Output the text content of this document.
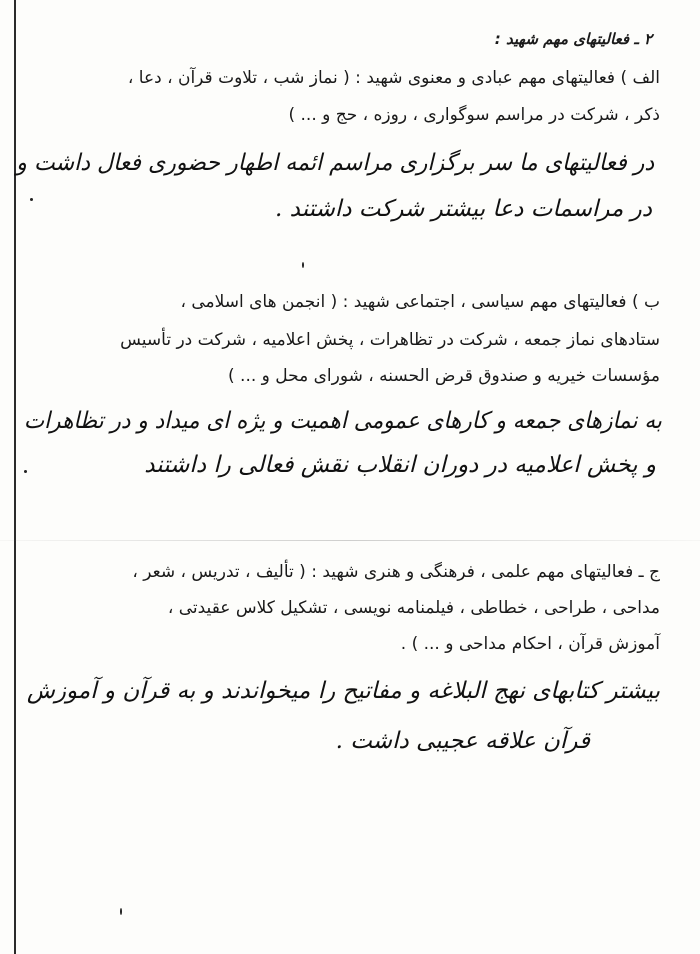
۲ ـ فعالیتهای مهم شهید :
الف ) فعالیتهای مهم عبادی و معنوی شهید : ( نماز شب ، تلاوت قرآن ، دعا ،
ذکر ، شرکت در مراسم سوگواری ، روزه ، حج و ... )
در فعالیتهای ما سر برگزاری مراسم ائمه اطهار حضوری فعال داشت و
در مراسمات دعا بیشتر شرکت داشتند .
ب ) فعالیتهای مهم سیاسی ، اجتماعی شهید : ( انجمن های اسلامی ،
ستادهای نماز جمعه ، شرکت در تظاهرات ، پخش اعلامیه ، شرکت در تأسیس
مؤسسات خیریه و صندوق قرض الحسنه ، شورای محل و ... )
به نمازهای جمعه و کارهای عمومی اهمیت و یژه ای میداد و در تظاهرات
و پخش اعلامیه در دوران انقلاب نقش فعالی را داشتند
ج ـ فعالیتهای مهم علمی ، فرهنگی و هنری شهید : ( تألیف ، تدریس ، شعر ،
مداحی ، طراحی ، خطاطی ، فیلمنامه نویسی ، تشکیل کلاس عقیدتی ،
آموزش قرآن ، احکام مداحی و ... ) .
بیشتر کتابهای نهج البلاغه و مفاتیح را میخواندند و به قرآن و آموزش
قرآن علاقه عجیبی داشت .
